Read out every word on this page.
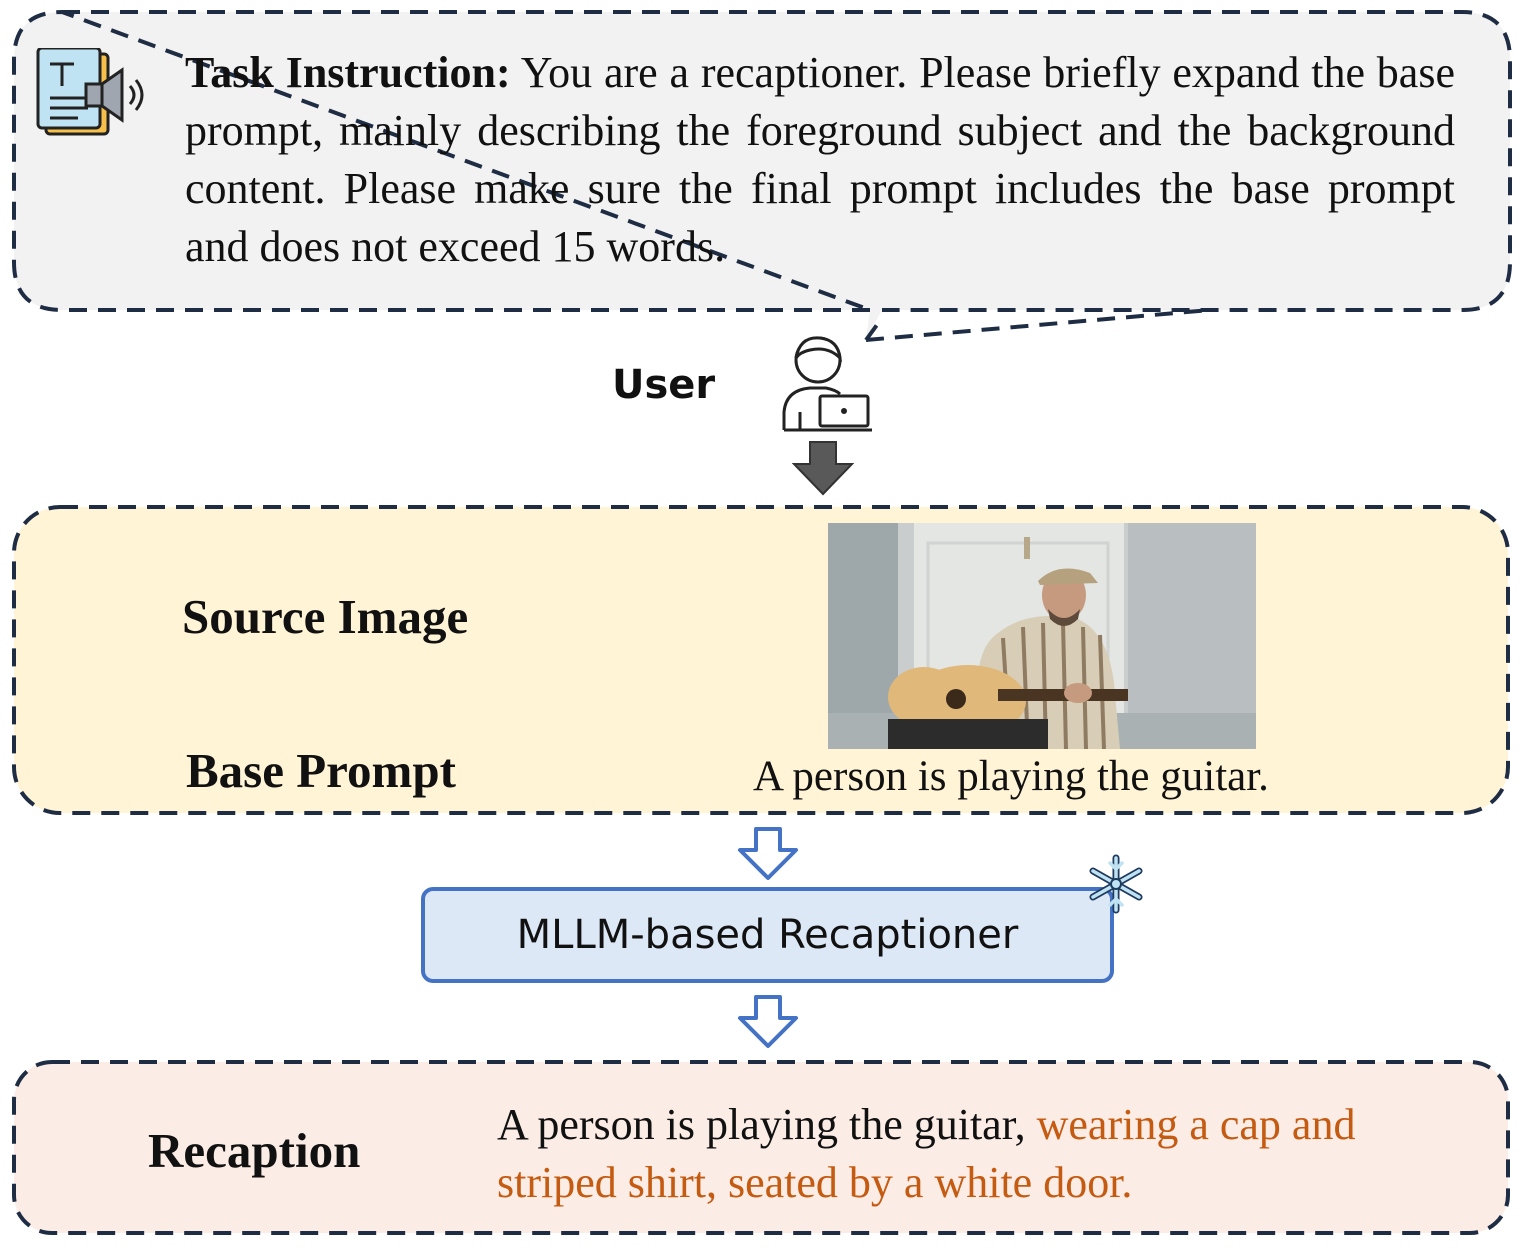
Task Instruction: You are a recaptioner. Please briefly expand the base prompt, mainly describing the foreground subject and the background content. Please make sure the final prompt includes the base prompt and does not exceed 15 words.
User
Source Image
Base Prompt	A person is playing the guitar.
MLLM-based Recaptioner
Recaption	A person is playing the guitar, wearing a cap and striped shirt, seated by a white door.
